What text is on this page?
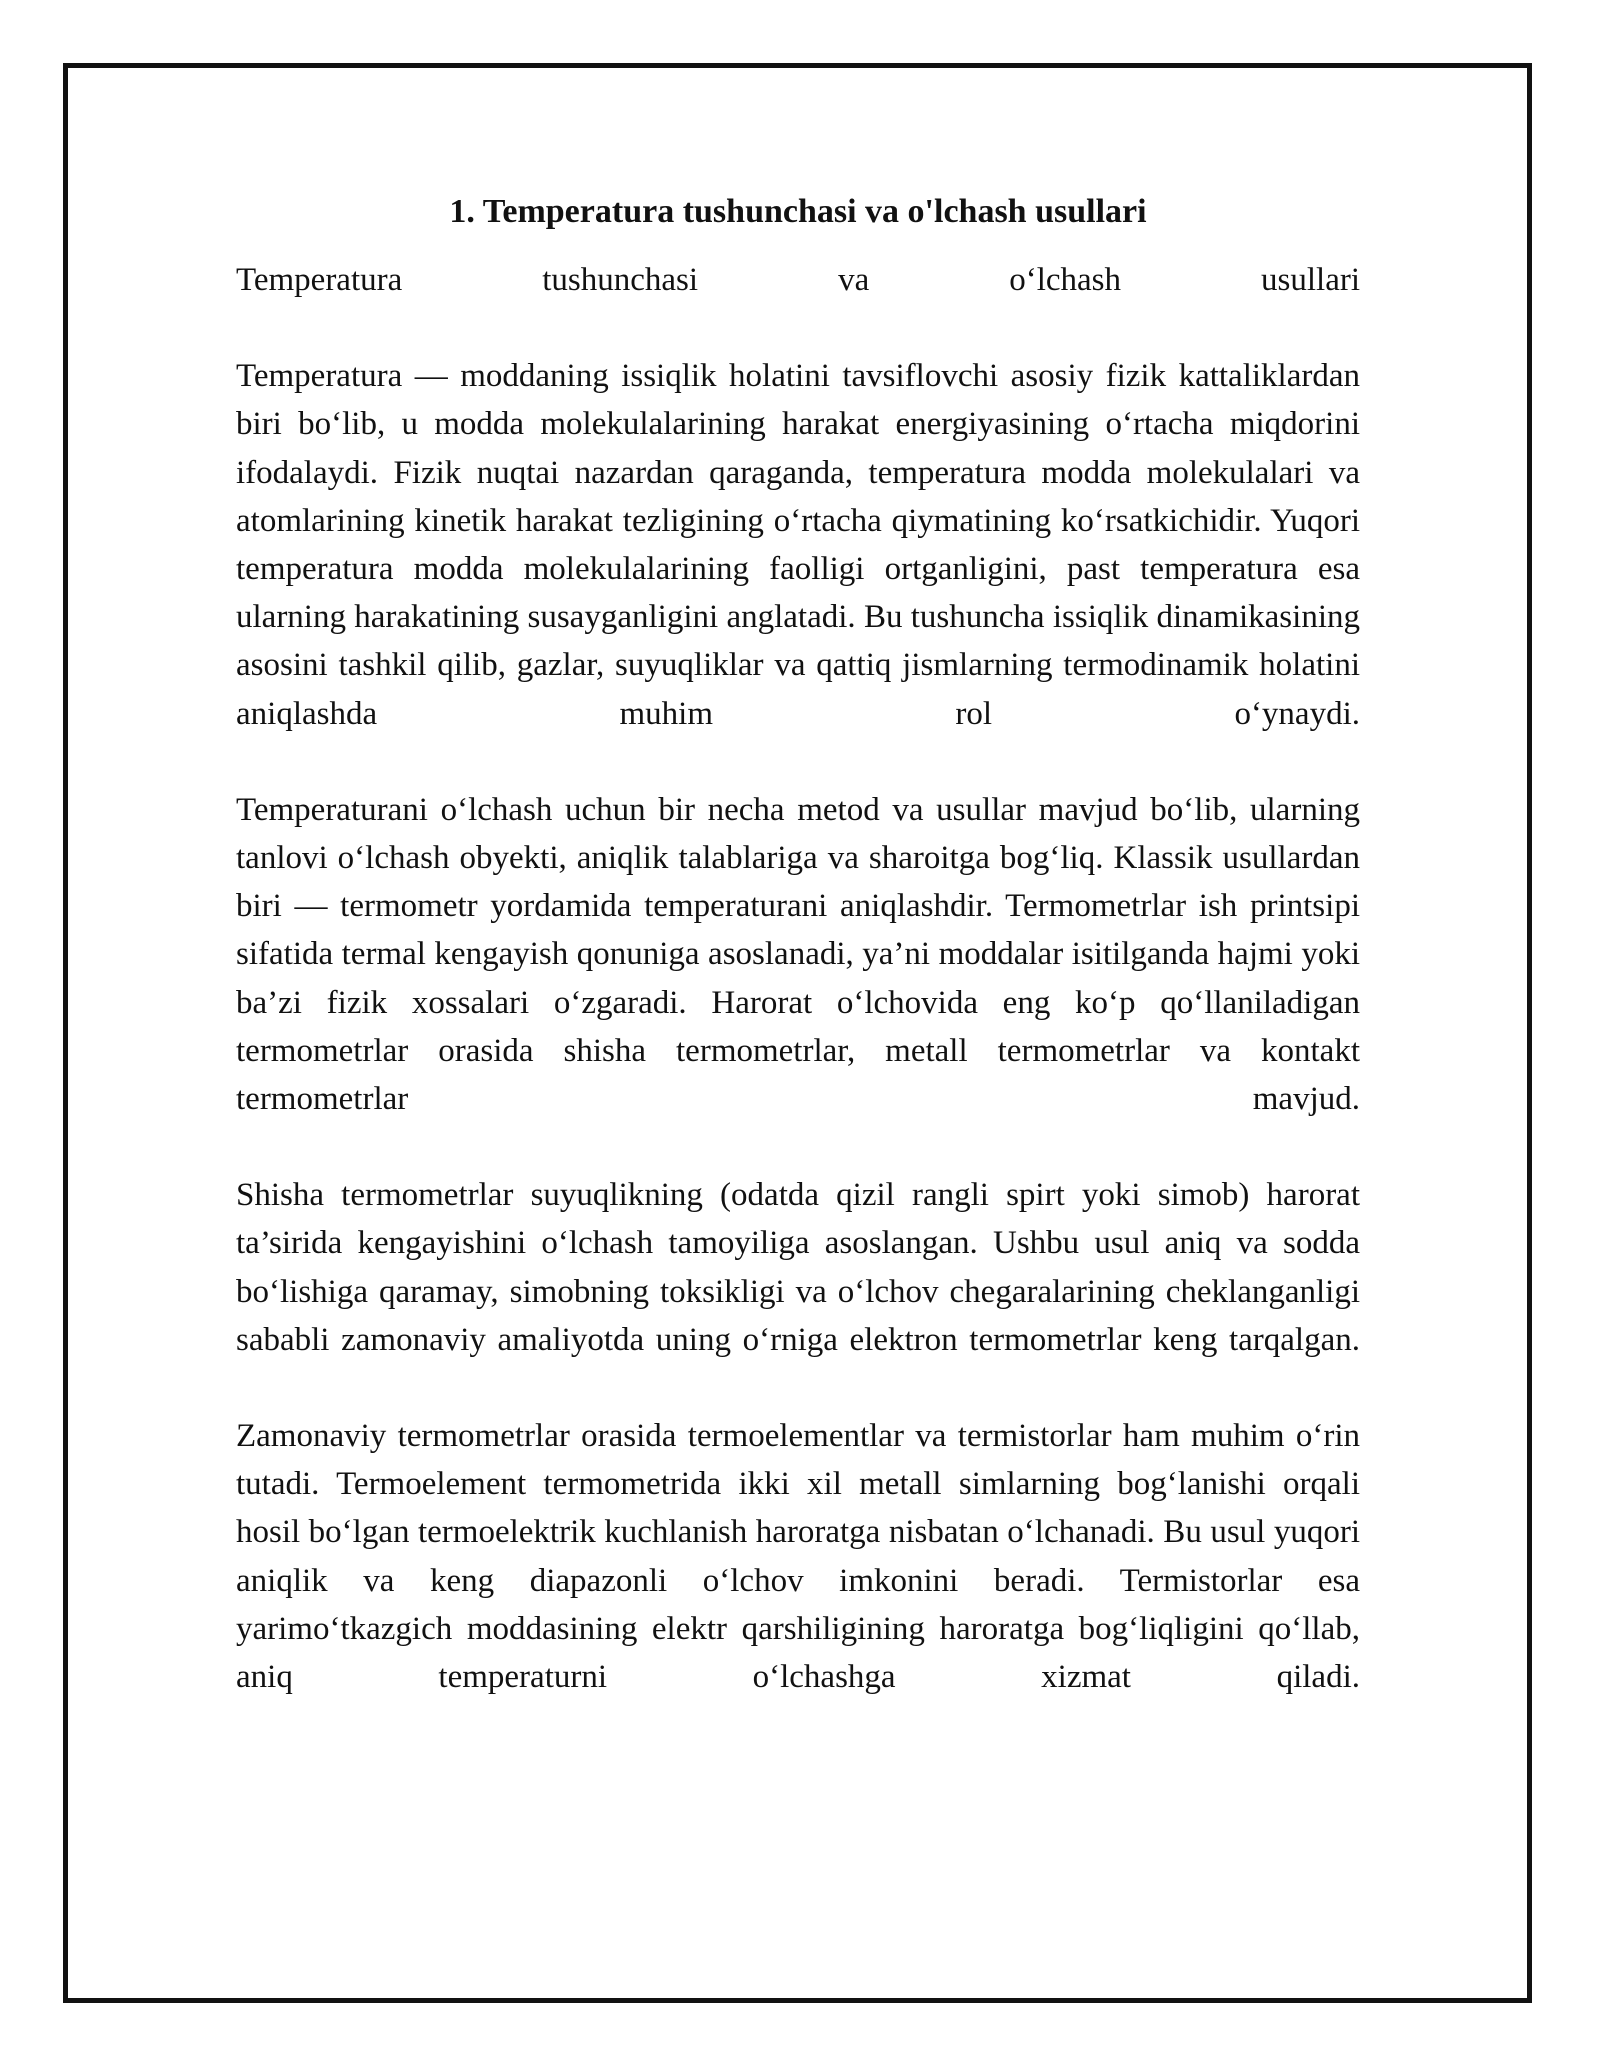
1. Temperatura tushunchasi va o'lchash usullari

Temperatura tushunchasi va oʻlchash usullari

Temperatura — moddaning issiqlik holatini tavsiflovchi asosiy fizik kattaliklardan biri boʻlib, u modda molekulalarining harakat energiyasining oʻrtacha miqdorini ifodalaydi. Fizik nuqtai nazardan qaraganda, temperatura modda molekulalari va atomlarining kinetik harakat tezligining oʻrtacha qiymatining koʻrsatkichidir. Yuqori temperatura modda molekulalarining faolligi ortganligini, past temperatura esa ularning harakatining susayganligini anglatadi. Bu tushuncha issiqlik dinamikasining asosini tashkil qilib, gazlar, suyuqliklar va qattiq jismlarning termodinamik holatini aniqlashda muhim rol oʻynaydi.

Temperaturani oʻlchash uchun bir necha metod va usullar mavjud boʻlib, ularning tanlovi oʻlchash obyekti, aniqlik talablariga va sharoitga bogʻliq. Klassik usullardan biri — termometr yordamida temperaturani aniqlashdir. Termometrlar ish printsipi sifatida termal kengayish qonuniga asoslanadi, ya’ni moddalar isitilganda hajmi yoki ba’zi fizik xossalari oʻzgaradi. Harorat oʻlchovida eng koʻp qoʻllaniladigan termometrlar orasida shisha termometrlar, metall termometrlar va kontakt termometrlar mavjud.

Shisha termometrlar suyuqlikning (odatda qizil rangli spirt yoki simob) harorat ta’sirida kengayishini oʻlchash tamoyiliga asoslangan. Ushbu usul aniq va sodda boʻlishiga qaramay, simobning toksikligi va oʻlchov chegaralarining cheklanganligi sababli zamonaviy amaliyotda uning oʻrniga elektron termometrlar keng tarqalgan.

Zamonaviy termometrlar orasida termoelementlar va termistorlar ham muhim oʻrin tutadi. Termoelement termometrida ikki xil metall simlarning bogʻlanishi orqali hosil boʻlgan termoelektrik kuchlanish haroratga nisbatan oʻlchanadi. Bu usul yuqori aniqlik va keng diapazonli oʻlchov imkonini beradi. Termistorlar esa yarimoʻtkazgich moddasining elektr qarshiligining haroratga bogʻliqligini qoʻllab, aniq temperaturni oʻlchashga xizmat qiladi.
